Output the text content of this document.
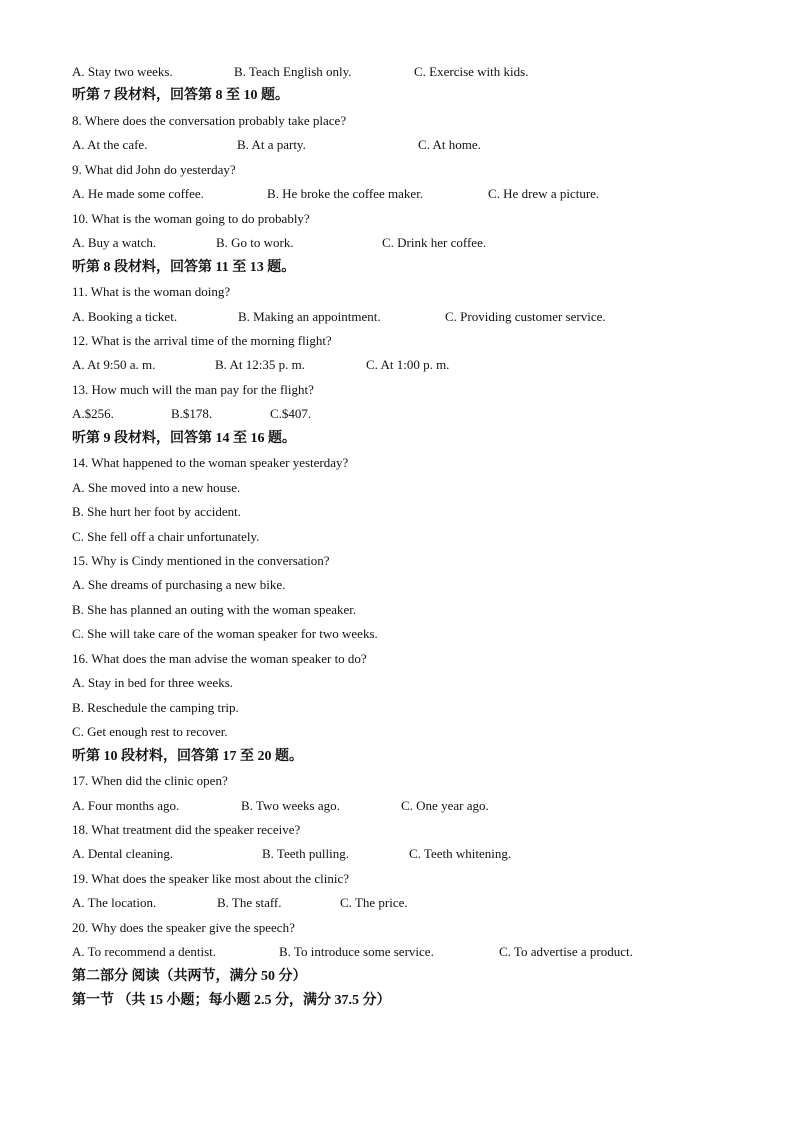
A. Stay two weeks.	B. Teach English only.	C. Exercise with kids.
听第 7 段材料，回答第 8 至 10 题。
8. Where does the conversation probably take place?
A. At the cafe.	B. At a party.	C. At home.
9. What did John do yesterday?
A. He made some coffee.	B. He broke the coffee maker.	C. He drew a picture.
10. What is the woman going to do probably?
A. Buy a watch.	B. Go to work.	C. Drink her coffee.
听第 8 段材料，回答第 11 至 13 题。
11. What is the woman doing?
A. Booking a ticket.	B. Making an appointment.	C. Providing customer service.
12. What is the arrival time of the morning flight?
A. At 9:50 a. m.	B. At 12:35 p. m.	C. At 1:00 p. m.
13. How much will the man pay for the flight?
A.$256.	B.$178.	C.$407.
听第 9 段材料，回答第 14 至 16 题。
14. What happened to the woman speaker yesterday?
A. She moved into a new house.
B. She hurt her foot by accident.
C. She fell off a chair unfortunately.
15. Why is Cindy mentioned in the conversation?
A. She dreams of purchasing a new bike.
B. She has planned an outing with the woman speaker.
C. She will take care of the woman speaker for two weeks.
16. What does the man advise the woman speaker to do?
A. Stay in bed for three weeks.
B. Reschedule the camping trip.
C. Get enough rest to recover.
听第 10 段材料，回答第 17 至 20 题。
17. When did the clinic open?
A. Four months ago.	B. Two weeks ago.	C. One year ago.
18. What treatment did the speaker receive?
A. Dental cleaning.	B. Teeth pulling.	C. Teeth whitening.
19. What does the speaker like most about the clinic?
A. The location.	B. The staff.	C. The price.
20. Why does the speaker give the speech?
A. To recommend a dentist.	B. To introduce some service.	C. To advertise a product.
第二部分 阅读（共两节，满分 50 分）
第一节 （共 15 小题；每小题 2.5 分，满分 37.5 分）
